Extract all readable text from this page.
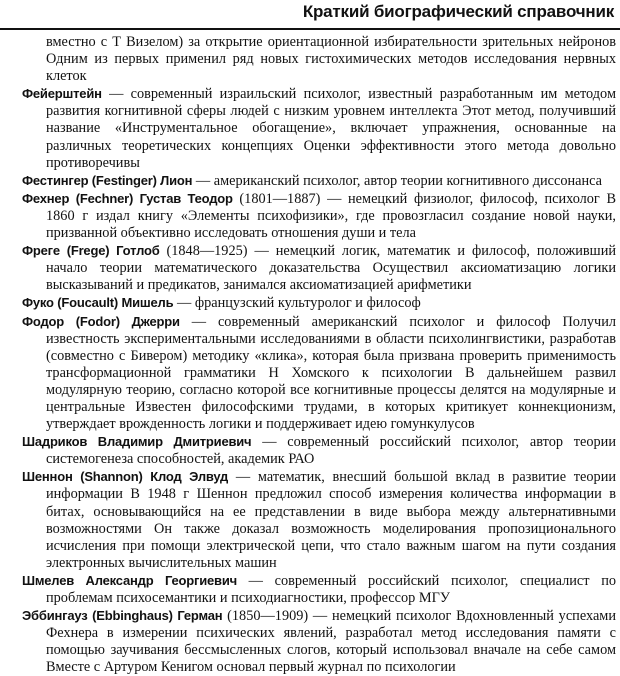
Краткий биографический справочник

вместно с Т Визелом) за открытие ориентационной избирательности зрительных нейронов Одним из первых применил ряд новых гистохимических методов исследования нервных клеток

Фейерштейн — современный израильский психолог, известный разработанным им методом развития когнитивной сферы людей с низким уровнем интеллекта Этот метод, получивший название «Инструментальное обогащение», включает упражнения, основанные на различных теоретических концепциях Оценки эффективности этого метода довольно противоречивы

Фестингер (Festinger) Лион — американский психолог, автор теории когнитивного диссонанса

Фехнер (Fechner) Густав Теодор (1801—1887) — немецкий физиолог, философ, психолог В 1860 г издал книгу «Элементы психофизики», где провозгласил создание новой науки, призванной объективно исследовать отношения души и тела

Фреге (Frege) Готлоб (1848—1925) — немецкий логик, математик и философ, положивший начало теории математического доказательства Осуществил аксиоматизацию логики высказываний и предикатов, занимался аксиоматизацией арифметики

Фуко (Foucault) Мишель — французский культуролог и философ

Фодор (Fodor) Джерри — современный американский психолог и философ Получил известность экспериментальными исследованиями в области психолингвистики, разработав (совместно с Бивером) методику «клика», которая была призвана проверить применимость трансформационной грамматики Н Хомского к психологии В дальнейшем развил модулярную теорию, согласно которой все когнитивные процессы делятся на модулярные и центральные Известен философскими трудами, в которых критикует коннекционизм, утверждает врожденность логики и поддерживает идею гомункулусов

Шадриков Владимир Дмитриевич — современный российский психолог, автор теории системогенеза способностей, академик РАО

Шеннон (Shannon) Клод Элвуд — математик, внесший большой вклад в развитие теории информации В 1948 г Шеннон предложил способ измерения количества информации в битах, основывающийся на ее представлении в виде выбора между альтернативными возможностями Он также доказал возможность моделирования пропозиционального исчисления при помощи электрической цепи, что стало важным шагом на пути создания электронных вычислительных машин

Шмелев Александр Георгиевич — современный российский психолог, специалист по проблемам психосемантики и психодиагностики, профессор МГУ

Эббингауз (Ebbinghaus) Герман (1850—1909) — немецкий психолог Вдохновленный успехами Фехнера в измерении психических явлений, разработал метод исследования памяти с помощью заучивания бессмысленных слогов, который использовал вначале на себе самом Вместе с Артуром Кенигом основал первый журнал по психологии
